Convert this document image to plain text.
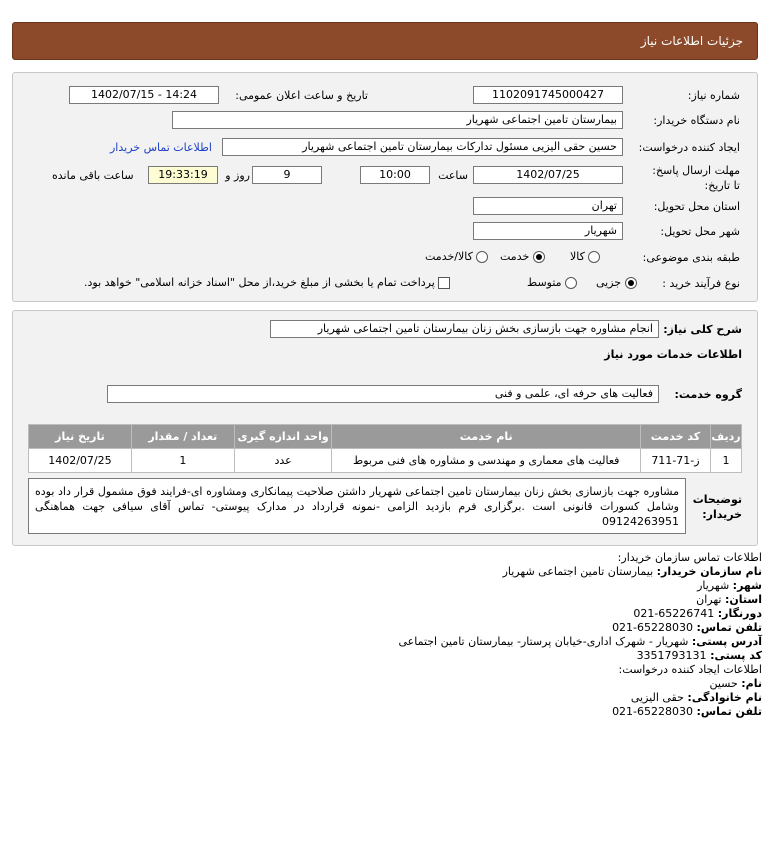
جزئیات اطلاعات نیاز
شماره نیاز:
1102091745000427
تاریخ و ساعت اعلان عمومی:
1402/07/15 - 14:24
نام دستگاه خریدار:
بیمارستان تامین اجتماعی شهریار
ایجاد کننده درخواست:
حسین حقی الیزیی مسئول تدارکات بیمارستان تامین اجتماعی شهریار
اطلاعات تماس خریدار
مهلت ارسال پاسخ: تا تاریخ:
1402/07/25
ساعت
10:00
9
روز و
19:33:19
ساعت باقی مانده
استان محل تحویل:
تهران
شهر محل تحویل:
شهریار
طبقه بندی موضوعی:
کالا
خدمت
کالا/خدمت
نوع فرآیند خرید :
جزیی
متوسط
پرداخت تمام یا بخشی از مبلغ خرید،از محل "اسناد خزانه اسلامی" خواهد بود.
شرح کلی نیاز:
انجام مشاوره جهت بازسازی بخش زنان بیمارستان تامین اجتماعی شهریار
اطلاعات خدمات مورد نیاز
گروه خدمت:
فعالیت های حرفه ای، علمی و فنی
ردیف	کد خدمت	نام خدمت	واحد اندازه گیری	تعداد / مقدار	تاریخ نیاز
1	ز-71-711	فعالیت های معماری و مهندسی و مشاوره های فنی مربوط	عدد	1	1402/07/25
توضیحات خریدار:
مشاوره جهت بازسازی بخش زنان بیمارستان تامین اجتماعی شهریار داشتن صلاحیت پیمانکاری ومشاوره ای-فرایند فوق مشمول قرار داد بوده وشامل کسورات قانونی است .برگزاری فرم بازدید الزامی -نمونه قرارداد در مدارک پیوستی- تماس آقای سیافی جهت هماهنگی 09124263951
اطلاعات تماس سازمان خریدار:
نام سازمان خریدار: بیمارستان تامین اجتماعی شهریار
شهر: شهریار
استان: تهران
دورنگار: 021-65226741
تلفن تماس: 021-65228030
آدرس پستی: شهریار - شهرک اداری-خیابان پرستار- بیمارستان تامین اجتماعی
کد پستی: 3351793131
اطلاعات ایجاد کننده درخواست:
نام: حسین
نام خانوادگی: حقی الیزیی
تلفن تماس: 021-65228030
